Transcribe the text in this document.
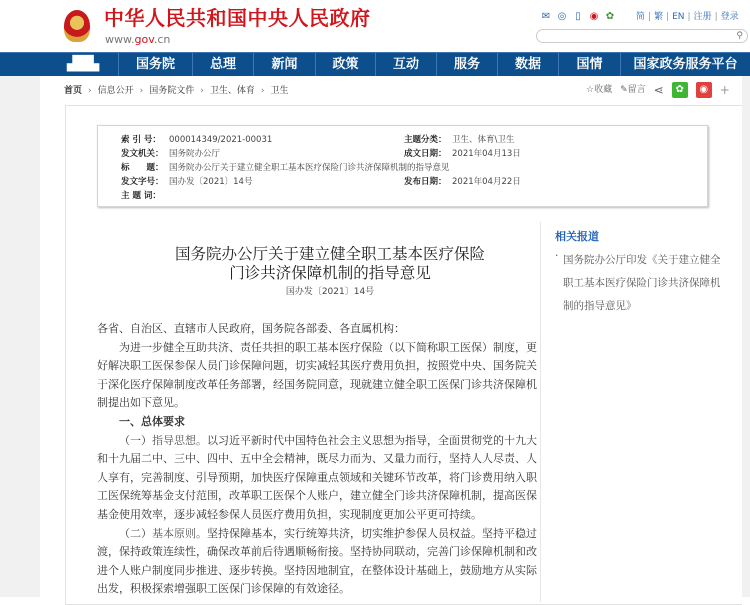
中华人民共和国中央人民政府
www.gov.cn
✉ ◎ ▯ ◉ ✿ 简 | 繁 | EN | 注册 | 登录
⚲
▟█▙	国务院	总理	新闻	政策	互动	服务	数据	国情	国家政务服务平台
首页 › 信息公开 › 国务院文件 › 卫生、体育 › 卫生	☆收藏 ✎留言 ⋖	✿	◉ +
索 引 号： 000014349/2021-00031	主题分类： 卫生、体育\卫生
发文机关： 国务院办公厅	成文日期： 2021年04月13日
标　　题： 国务院办公厅关于建立健全职工基本医疗保险门诊共济保障机制的指导意见
发文字号： 国办发〔2021〕14号	发布日期： 2021年04月22日
主 题 词：
国务院办公厅关于建立健全职工基本医疗保险
门诊共济保障机制的指导意见
国办发〔2021〕14号
各省、自治区、直辖市人民政府，国务院各部委、各直属机构：
为进一步健全互助共济、责任共担的职工基本医疗保险（以下简称职工医保）制度，更
好解决职工医保参保人员门诊保障问题，切实减轻其医疗费用负担，按照党中央、国务院关
于深化医疗保障制度改革任务部署，经国务院同意，现就建立健全职工医保门诊共济保障机
制提出如下意见。
一、总体要求
（一）指导思想。以习近平新时代中国特色社会主义思想为指导，全面贯彻党的十九大
和十九届二中、三中、四中、五中全会精神，既尽力而为、又量力而行，坚持人人尽责、人
人享有，完善制度、引导预期，加快医疗保障重点领域和关键环节改革，将门诊费用纳入职
工医保统筹基金支付范围，改革职工医保个人账户，建立健全门诊共济保障机制，提高医保
基金使用效率，逐步减轻参保人员医疗费用负担，实现制度更加公平更可持续。
（二）基本原则。坚持保障基本，实行统筹共济，切实维护参保人员权益。坚持平稳过
渡，保持政策连续性，确保改革前后待遇顺畅衔接。坚持协同联动，完善门诊保障机制和改
进个人账户制度同步推进、逐步转换。坚持因地制宜，在整体设计基础上，鼓励地方从实际
出发，积极探索增强职工医保门诊保障的有效途径。
相关报道
· 国务院办公厅印发《关于建立健全职工基本医疗保险门诊共济保障机制的指导意见》
